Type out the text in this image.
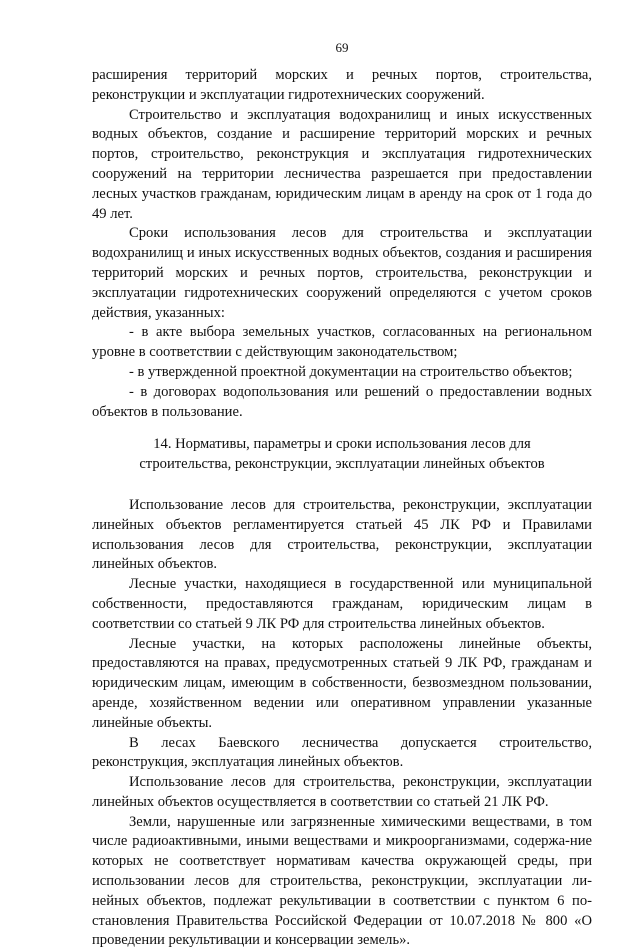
69

расширения территорий морских и речных портов, строительства, реконструкции и эксплуатации гидротехнических сооружений.

Строительство и эксплуатация водохранилищ и иных искусственных водных объектов, создание и расширение территорий морских и речных портов, строительство, реконструкция и эксплуатация гидротехнических сооружений на территории лесничества разрешается при предоставлении лесных участков гражданам, юридическим лицам в аренду на срок от 1 года до 49 лет.

Сроки использования лесов для строительства и эксплуатации водохранилищ и иных искусственных водных объектов, создания и расширения территорий морских и речных портов, строительства, реконструкции и эксплуатации гидротехнических сооружений определяются с учетом сроков действия, указанных:

- в акте выбора земельных участков, согласованных на региональном уровне в соответствии с действующим законодательством;

- в утвержденной проектной документации на строительство объектов;

- в договорах водопользования или решений о предоставлении водных объектов в пользование.

14. Нормативы, параметры и сроки использования лесов для
строительства, реконструкции, эксплуатации линейных объектов

Использование лесов для строительства, реконструкции, эксплуатации линейных объектов регламентируется статьей 45 ЛК РФ и Правилами использования лесов для строительства, реконструкции, эксплуатации линейных объектов.

Лесные участки, находящиеся в государственной или муниципальной собственности, предоставляются гражданам, юридическим лицам в соответствии со статьей 9 ЛК РФ для строительства линейных объектов.

Лесные участки, на которых расположены линейные объекты, предоставляются на правах, предусмотренных статьей 9 ЛК РФ, гражданам и юридическим лицам, имеющим в собственности, безвозмездном пользовании, аренде, хозяйственном ведении или оперативном управлении указанные линейные объекты.

В лесах Баевского лесничества допускается строительство, реконструкция, эксплуатация линейных объектов.

Использование лесов для строительства, реконструкции, эксплуатации линейных объектов осуществляется в соответствии со статьей 21 ЛК РФ.

Земли, нарушенные или загрязненные химическими веществами, в том числе радиоактивными, иными веществами и микроорганизмами, содержа-ние которых не соответствует нормативам качества окружающей среды, при использовании лесов для строительства, реконструкции, эксплуатации ли-нейных объектов, подлежат рекультивации в соответствии с пунктом 6 по-становления Правительства Российской Федерации от 10.07.2018 № 800 «О проведении рекультивации и консервации земель».
